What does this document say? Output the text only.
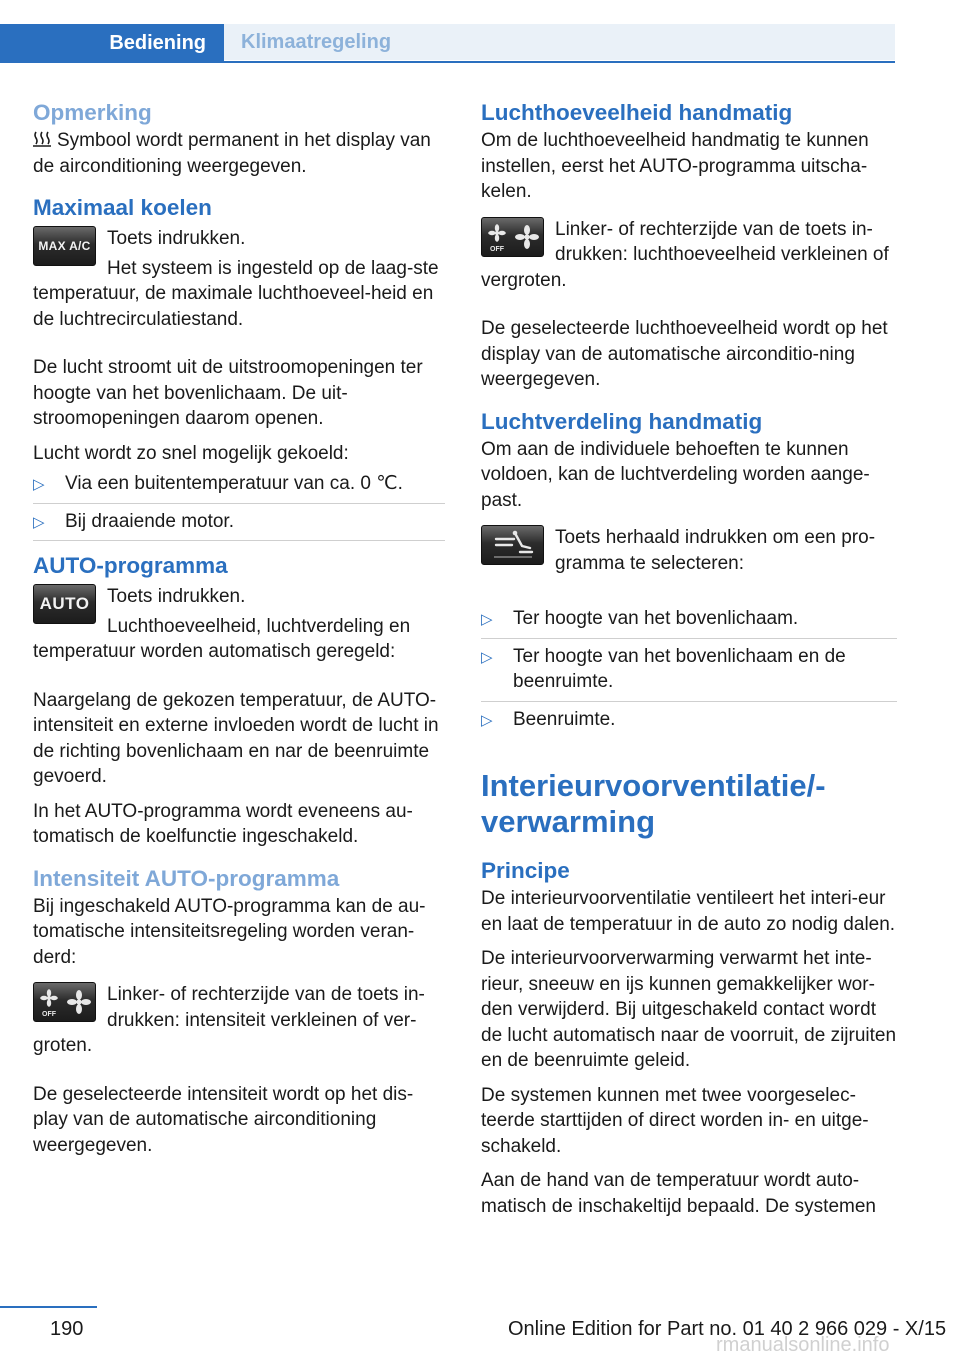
Bediening	Klimaatregeling
Opmerking

Symbool wordt permanent in het display van de airconditioning weergegeven.

Maximaal koelen
MAX A/C Toets indrukken.

Het systeem is ingesteld op de laag-ste temperatuur, de maximale luchthoeveel-heid en de luchtrecirculatiestand.

De lucht stroomt uit de uitstroomopeningen ter hoogte van het bovenlichaam. De uit-stroomopeningen daarom openen.

Lucht wordt zo snel mogelijk gekoeld:

▷ Via een buitentemperatuur van ca. 0 ℃.
▷ Bij draaiende motor.
AUTO-programma
AUTO Toets indrukken.

Luchthoeveelheid, luchtverdeling en temperatuur worden automatisch geregeld:

Naargelang de gekozen temperatuur, de AUTO-intensiteit en externe invloeden wordt de lucht in de richting bovenlichaam en nar de beenruimte gevoerd.

In het AUTO-programma wordt eveneens au-tomatisch de koelfunctie ingeschakeld.

Intensiteit AUTO-programma

Bij ingeschakeld AUTO-programma kan de au-tomatische intensiteitsregeling worden veran-derd:

OFF

Linker- of rechterzijde van de toets in-drukken: intensiteit verkleinen of ver-groten.

De geselecteerde intensiteit wordt op het dis-play van de automatische airconditioning weergegeven.

Luchthoeveelheid handmatig

Om de luchthoeveelheid handmatig te kunnen instellen, eerst het AUTO-programma uitscha-kelen.

OFF

Linker- of rechterzijde van de toets in-drukken: luchthoeveelheid verkleinen of vergroten.

De geselecteerde luchthoeveelheid wordt op het display van de automatische airconditio-ning weergegeven.

Luchtverdeling handmatig

Om aan de individuele behoeften te kunnen voldoen, kan de luchtverdeling worden aange-past.

Toets herhaald indrukken om een pro-gramma te selecteren:

▷ Ter hoogte van het bovenlichaam.
▷ Ter hoogte van het bovenlichaam en de beenruimte.
▷ Beenruimte.
Interieurvoorventilatie/-verwarming
Principe

De interieurvoorventilatie ventileert het interi-eur en laat de temperatuur in de auto zo nodig dalen.

De interieurvoorverwarming verwarmt het inte-rieur, sneeuw en ijs kunnen gemakkelijker wor-den verwijderd. Bij uitgeschakeld contact wordt de lucht automatisch naar de voorruit, de zijruiten en de beenruimte geleid.

De systemen kunnen met twee voorgeselec-teerde starttijden of direct worden in- en uitge-schakeld.

Aan de hand van de temperatuur wordt auto-matisch de inschakeltijd bepaald. De systemen

190	Online Edition for Part no. 01 40 2 966 029 - X/15
rmanualsonline.info
